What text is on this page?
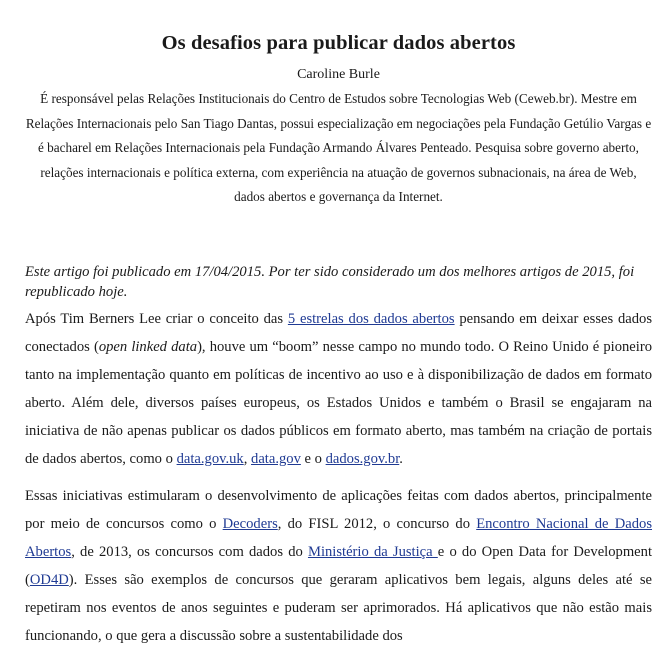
Os desafios para publicar dados abertos
Caroline Burle
É responsável pelas Relações Institucionais do Centro de Estudos sobre Tecnologias Web (Ceweb.br). Mestre em Relações Internacionais pelo San Tiago Dantas, possui especialização em negociações pela Fundação Getúlio Vargas e é bacharel em Relações Internacionais pela Fundação Armando Álvares Penteado. Pesquisa sobre governo aberto, relações internacionais e política externa, com experiência na atuação de governos subnacionais, na área de Web, dados abertos e governança da Internet.
Este artigo foi publicado em 17/04/2015. Por ter sido considerado um dos melhores artigos de 2015, foi republicado hoje.

Após Tim Berners Lee criar o conceito das 5 estrelas dos dados abertos pensando em deixar esses dados conectados (open linked data), houve um “boom” nesse campo no mundo todo. O Reino Unido é pioneiro tanto na implementação quanto em políticas de incentivo ao uso e à disponibilização de dados em formato aberto. Além dele, diversos países europeus, os Estados Unidos e também o Brasil se engajaram na iniciativa de não apenas publicar os dados públicos em formato aberto, mas também na criação de portais de dados abertos, como o data.gov.uk, data.gov e o dados.gov.br.

Essas iniciativas estimularam o desenvolvimento de aplicações feitas com dados abertos, principalmente por meio de concursos como o Decoders, do FISL 2012, o concurso do Encontro Nacional de Dados Abertos, de 2013, os concursos com dados do Ministério da Justiça e o do Open Data for Development (OD4D). Esses são exemplos de concursos que geraram aplicativos bem legais, alguns deles até se repetiram nos eventos de anos seguintes e puderam ser aprimorados. Há aplicativos que não estão mais funcionando, o que gera a discussão sobre a sustentabilidade dos
